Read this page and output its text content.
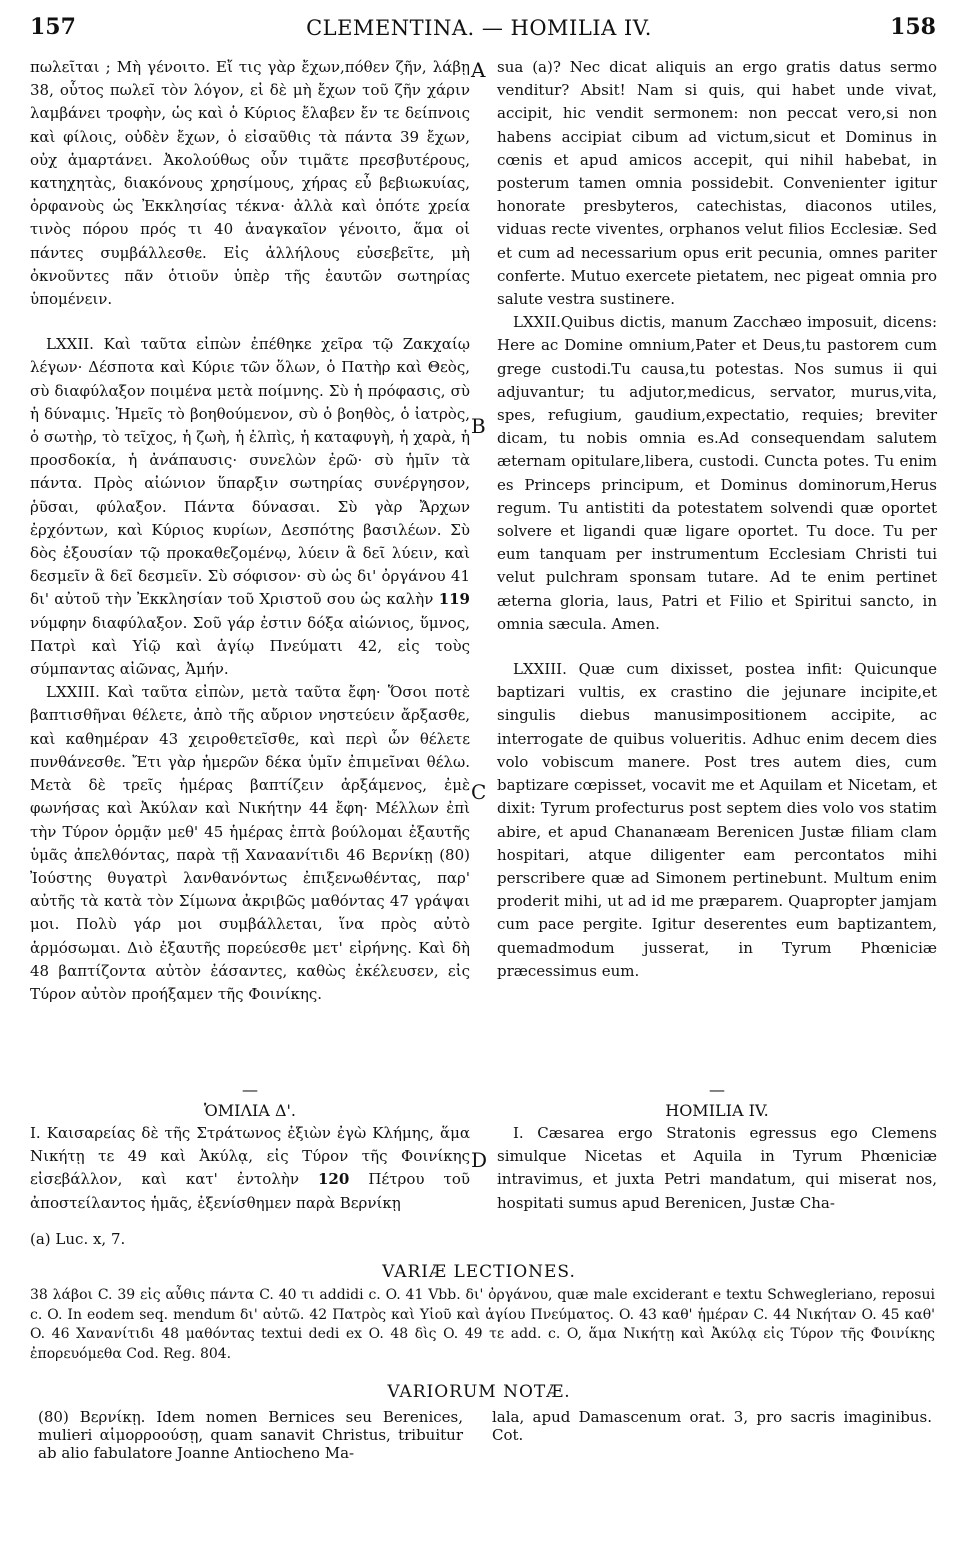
157	CLEMENTINA. — HOMILIA IV.	158

πωλεῖται ; Μὴ γένοιτο. Εἴ τις γὰρ ἔχων,πόθεν ζῆν, λάβῃ 38, οὗτος πωλεῖ τὸν λόγον, εἰ δὲ μὴ ἔχων τοῦ ζῆν χάριν λαμβάνει τροφὴν, ὡς καὶ ὁ Κύριος ἔλαβεν ἔν τε δείπνοις καὶ φίλοις, οὐδὲν ἔχων, ὁ εἰσαῦθις τὰ πάντα 39 ἔχων, οὐχ ἁμαρτάνει. Ἀκολούθως οὖν τιμᾶτε πρεσβυτέρους, κατηχητὰς, διακόνους χρησίμους, χήρας εὖ βεβιωκυίας, ὀρφανοὺς ὡς Ἐκκλησίας τέκνα· ἀλλὰ καὶ ὁπότε χρεία τινὸς πόρου πρός τι 40 ἀναγκαῖον γένοιτο, ἅμα οἱ πάντες συμβάλλεσθε. Εἰς ἀλλήλους εὐσεβεῖτε, μὴ ὀκνοῦντες πᾶν ὁτιοῦν ὑπὲρ τῆς ἑαυτῶν σωτηρίας ὑπομένειν.

LXXII. Καὶ ταῦτα εἰπὼν ἐπέθηκε χεῖρα τῷ Ζακχαίῳ λέγων· Δέσποτα καὶ Κύριε τῶν ὅλων, ὁ Πατὴρ καὶ Θεὸς, σὺ διαφύλαξον ποιμένα μετὰ ποίμνης. Σὺ ἡ πρόφασις, σὺ ἡ δύναμις. Ἡμεῖς τὸ βοηθούμενον, σὺ ὁ βοηθὸς, ὁ ἰατρὸς, ὁ σωτὴρ, τὸ τεῖχος, ἡ ζωὴ, ἡ ἐλπὶς, ἡ καταφυγὴ, ἡ χαρὰ, ἡ προσδοκία, ἡ ἀνάπαυσις· συνελὼν ἐρῶ· σὺ ἡμῖν τὰ πάντα. Πρὸς αἰώνιον ὕπαρξιν σωτηρίας συνέργησον, ῥῦσαι, φύλαξον. Πάντα δύνασαι. Σὺ γὰρ Ἄρχων ἐρχόντων, καὶ Κύριος κυρίων, Δεσπότης βασιλέων. Σὺ δὸς ἐξουσίαν τῷ προκαθεζομένῳ, λύειν ἃ δεῖ λύειν, καὶ δεσμεῖν ἃ δεῖ δεσμεῖν. Σὺ σόφισον· σὺ ὡς δι' ὀργάνου 41 δι' αὐτοῦ τὴν Ἐκκλησίαν τοῦ Χριστοῦ σου ὡς καλὴν 119 νύμφην διαφύλαξον. Σοῦ γάρ ἐστιν δόξα αἰώνιος, ὕμνος, Πατρὶ καὶ Υἱῷ καὶ ἁγίῳ Πνεύματι 42, εἰς τοὺς σύμπαντας αἰῶνας, Ἀμήν.

LXXIII. Καὶ ταῦτα εἰπὼν, μετὰ ταῦτα ἔφη· Ὅσοι ποτὲ βαπτισθῆναι θέλετε, ἀπὸ τῆς αὔριον νηστεύειν ἄρξασθε, καὶ καθημέραν 43 χειροθετεῖσθε, καὶ περὶ ὧν θέλετε πυνθάνεσθε. Ἔτι γὰρ ἡμερῶν δέκα ὑμῖν ἐπιμεῖναι θέλω. Μετὰ δὲ τρεῖς ἡμέρας βαπτίζειν ἀρξάμενος, ἐμὲ φωνήσας καὶ Ἀκύλαν καὶ Νικήτην 44 ἔφη· Μέλλων ἐπὶ τὴν Τύρον ὁρμᾷν μεθ' 45 ἡμέρας ἑπτὰ βούλομαι ἐξαυτῆς ὑμᾶς ἀπελθόντας, παρὰ τῇ Χαναανίτιδι 46 Βερνίκῃ (80) Ἰούστης θυγατρὶ λανθανόντως ἐπιξενωθέντας, παρ' αὐτῆς τὰ κατὰ τὸν Σίμωνα ἀκριβῶς μαθόντας 47 γράψαι μοι. Πολὺ γάρ μοι συμβάλλεται, ἵνα πρὸς αὐτὸ ἁρμόσωμαι. Διὸ ἐξαυτῆς πορεύεσθε μετ' εἰρήνης. Καὶ δὴ 48 βαπτίζοντα αὐτὸν ἐάσαντες, καθὼς ἐκέλευσεν, εἰς Τύρον αὐτὸν προήξαμεν τῆς Φοινίκης.

—
ὉΜΙΛΙΑ Δ'.

I. Καισαρείας δὲ τῆς Στράτωνος ἐξιὼν ἐγὼ Κλήμης, ἅμα Νικήτῃ τε 49 καὶ Ἀκύλᾳ, εἰς Τύρον τῆς Φοινίκης εἰσεβάλλον, καὶ κατ' ἐντολὴν 120 Πέτρου τοῦ ἀποστείλαντος ἡμᾶς, ἐξενίσθημεν παρὰ Βερνίκῃ

(a) Luc. x, 7.
A
B
C
D

sua (a)? Nec dicat aliquis an ergo gratis datus sermo venditur? Absit! Nam si quis, qui habet unde vivat, accipit, hic vendit sermonem: non peccat vero,si non habens accipiat cibum ad victum,sicut et Dominus in cœnis et apud amicos accepit, qui nihil habebat, in posterum tamen omnia possidebit. Convenienter igitur honorate presbyteros, catechistas, diaconos utiles, viduas recte viventes, orphanos velut filios Ecclesiæ. Sed et cum ad necessarium opus erit pecunia, omnes pariter conferte. Mutuo exercete pietatem, nec pigeat omnia pro salute vestra sustinere.

LXXII.Quibus dictis, manum Zacchæo imposuit, dicens: Here ac Domine omnium,Pater et Deus,tu pastorem cum grege custodi.Tu causa,tu potestas. Nos sumus ii qui adjuvantur; tu adjutor,medicus, servator, murus,vita, spes, refugium, gaudium,expectatio, requies; breviter dicam, tu nobis omnia es.Ad consequendam salutem æternam opitulare,libera, custodi. Cuncta potes. Tu enim es Princeps principum, et Dominus dominorum,Herus regum. Tu antistiti da potestatem solvendi quæ oportet solvere et ligandi quæ ligare oportet. Tu doce. Tu per eum tanquam per instrumentum Ecclesiam Christi tui velut pulchram sponsam tutare. Ad te enim pertinet æterna gloria, laus, Patri et Filio et Spiritui sancto, in omnia sæcula. Amen.

LXXIII. Quæ cum dixisset, postea infit: Quicunque baptizari vultis, ex crastino die jejunare incipite,et singulis diebus manusimpositionem accipite, ac interrogate de quibus volueritis. Adhuc enim decem dies volo vobiscum manere. Post tres autem dies, cum baptizare cœpisset, vocavit me et Aquilam et Nicetam, et dixit: Tyrum profecturus post septem dies volo vos statim abire, et apud Chananæam Berenicen Justæ filiam clam hospitari, atque diligenter eam percontatos mihi perscribere quæ ad Simonem pertinebunt. Multum enim proderit mihi, ut ad id me præparem. Quapropter jamjam cum pace pergite. Igitur deserentes eum baptizantem, quemadmodum jusserat, in Tyrum Phœniciæ præcessimus eum.

—
HOMILIA IV.

I. Cæsarea ergo Stratonis egressus ego Clemens simulque Nicetas et Aquila in Tyrum Phœniciæ intravimus, et juxta Petri mandatum, qui miserat nos, hospitati sumus apud Berenicen, Justæ Cha-

VARIÆ LECTIONES.
38 λάβοι C. 39 εἰς αὖθις πάντα C. 40 τι addidi c. O. 41 Vbb. δι' ὀργάνου, quæ male exciderant e textu Schwegleriano, reposui c. O. In eodem seq. mendum δι' αὐτῶ. 42 Πατρὸς καὶ Υἱοῦ καὶ ἁγίου Πνεύματος. O. 43 καθ' ἡμέραν C. 44 Νικήταν O. 45 καθ' O. 46 Χανανίτιδι 48 μαθόντας textui dedi ex O. 48 δὶς O. 49 τε add. c. O, ἅμα Νικήτῃ καὶ Ἀκύλᾳ εἰς Τύρον τῆς Φοινίκης ἐπορευόμεθα Cod. Reg. 804.
VARIORUM NOTÆ.
(80) Βερνίκῃ. Idem nomen Bernices seu Berenices, mulieri αἱμορροούσῃ, quam sanavit Christus, tribuitur ab alio fabulatore Joanne Antiocheno Ma-
lala, apud Damascenum orat. 3, pro sacris imaginibus. Cot.
